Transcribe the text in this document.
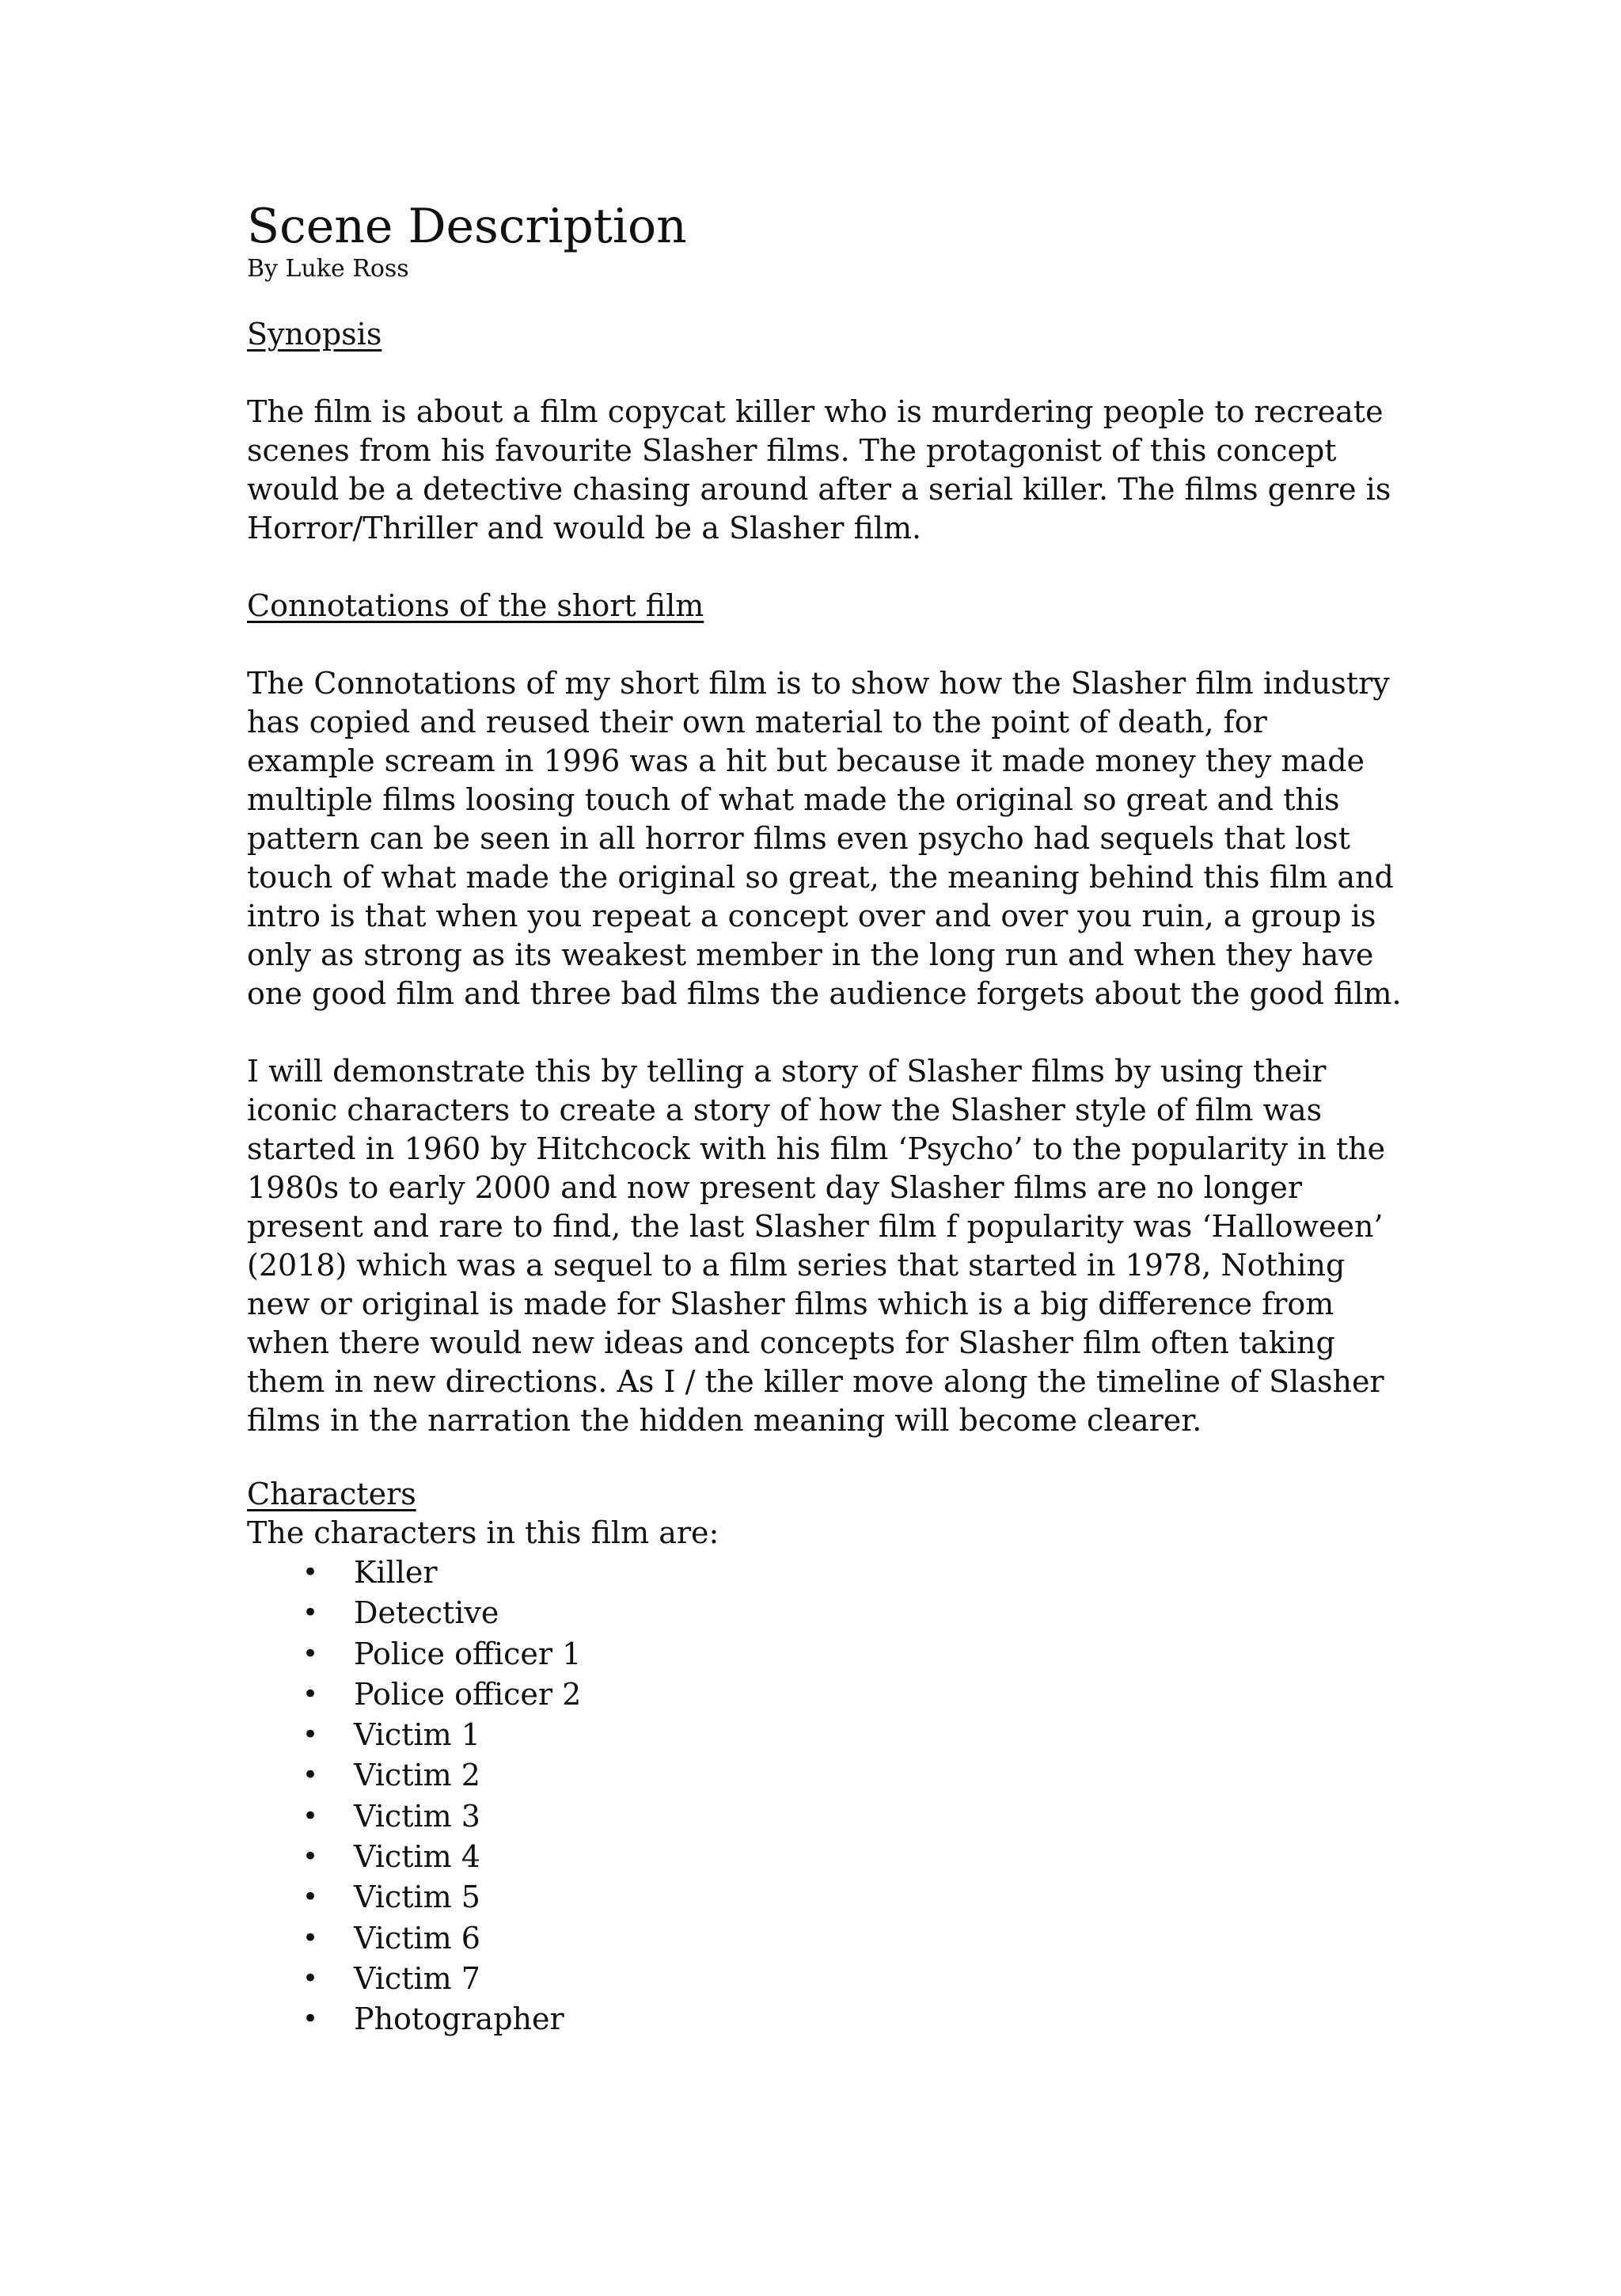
Scene Description
By Luke Ross
Synopsis

The film is about a film copycat killer who is murdering people to recreate scenes from his favourite Slasher films. The protagonist of this concept would be a detective chasing around after a serial killer. The films genre is Horror/Thriller and would be a Slasher film.

Connotations of the short film

The Connotations of my short film is to show how the Slasher film industry has copied and reused their own material to the point of death, for example scream in 1996 was a hit but because it made money they made multiple films loosing touch of what made the original so great and this pattern can be seen in all horror films even psycho had sequels that lost touch of what made the original so great, the meaning behind this film and intro is that when you repeat a concept over and over you ruin, a group is only as strong as its weakest member in the long run and when they have one good film and three bad films the audience forgets about the good film.

I will demonstrate this by telling a story of Slasher films by using their iconic characters to create a story of how the Slasher style of film was started in 1960 by Hitchcock with his film ‘Psycho’ to the popularity in the 1980s to early 2000 and now present day Slasher films are no longer present and rare to find, the last Slasher film f popularity was ‘Halloween’ (2018) which was a sequel to a film series that started in 1978, Nothing new or original is made for Slasher films which is a big difference from when there would new ideas and concepts for Slasher film often taking them in new directions. As I / the killer move along the timeline of Slasher films in the narration the hidden meaning will become clearer.

Characters

The characters in this film are:

• Killer
• Detective
• Police officer 1
• Police officer 2
• Victim 1
• Victim 2
• Victim 3
• Victim 4
• Victim 5
• Victim 6
• Victim 7
• Photographer
